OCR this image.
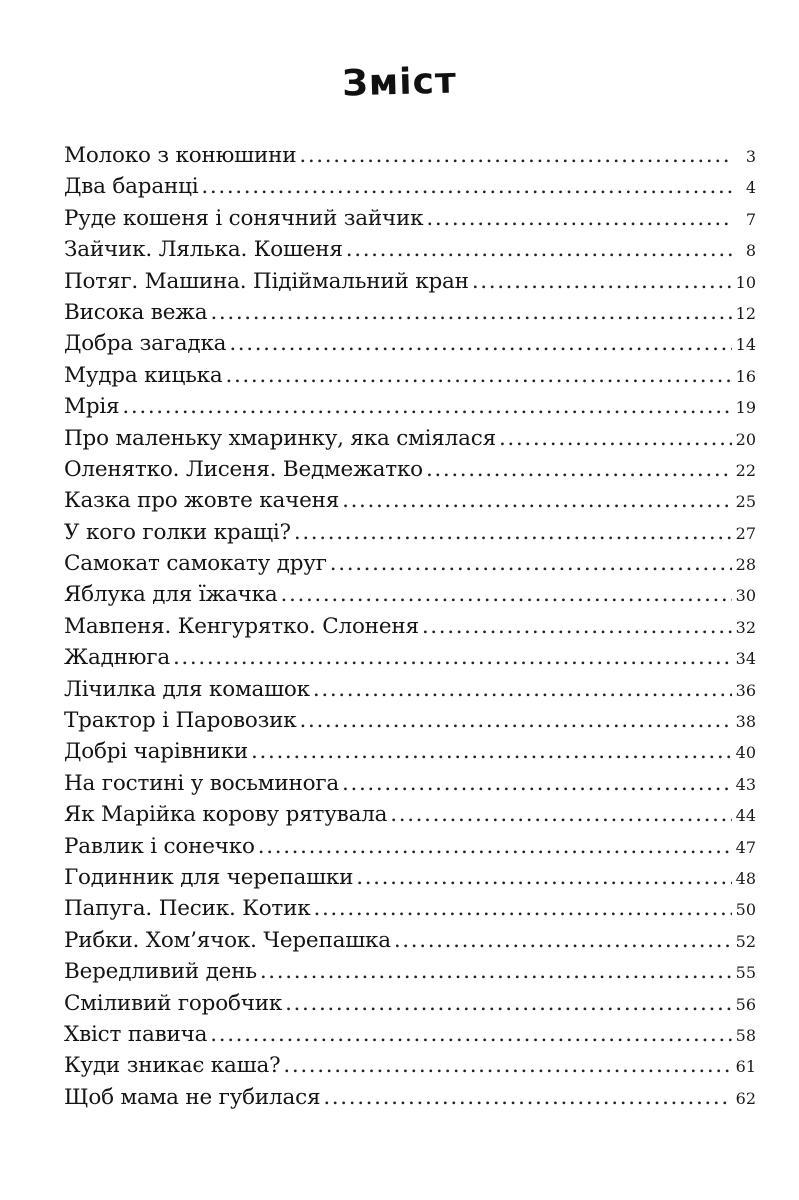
Зміст
Молоко з конюшини . . .	3
Два баранці . . .	4
Руде кошеня і сонячний зайчик . . .	7
Зайчик. Лялька. Кошеня . . .	8
Потяг. Машина. Підіймальний кран . . .	10
Висока вежа . . .	12
Добра загадка . . .	14
Мудра кицька . . .	16
Мрія . . .	19
Про маленьку хмаринку, яка сміялася . . .	20
Оленятко. Лисеня. Ведмежатко . . .	22
Казка про жовте каченя . . .	25
У кого голки кращі? . . .	27
Самокат самокату друг . . .	28
Яблука для їжачка . . .	30
Мавпеня. Кенгурятко. Слоненя . . .	32
Жаднюга . . .	34
Лічилка для комашок . . .	36
Трактор і Паровозик . . .	38
Добрі чарівники . . .	40
На гостині у восьминога . . .	43
Як Марійка корову рятувала . . .	44
Равлик і сонечко . . .	47
Годинник для черепашки . . .	48
Папуга. Песик. Котик . . .	50
Рибки. Хом’ячок. Черепашка . . .	52
Вередливий день . . .	55
Сміливий горобчик . . .	56
Хвіст павича . . .	58
Куди зникає каша? . . .	61
Щоб мама не губилася . . .	62
